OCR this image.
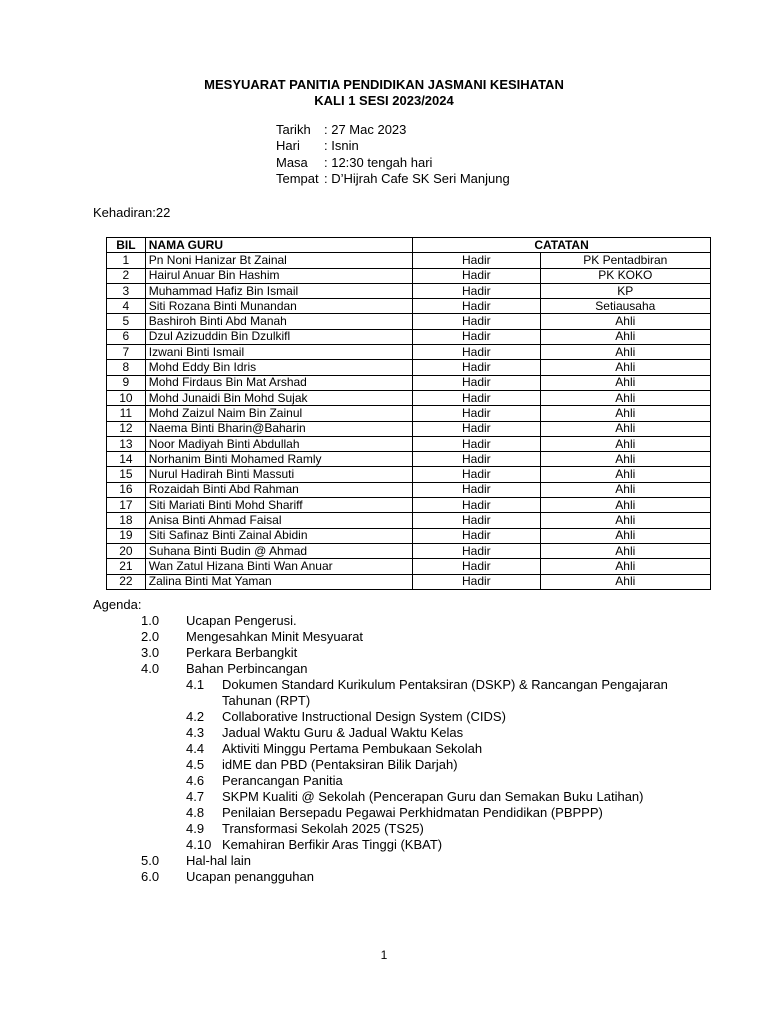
MESYUARAT PANITIA PENDIDIKAN JASMANI KESIHATAN
KALI 1 SESI 2023/2024
Tarikh	: 27 Mac 2023
Hari	: Isnin
Masa	: 12:30 tengah hari
Tempat : D’Hijrah Cafe SK Seri Manjung
Kehadiran:22
BIL	NAMA GURU	CATATAN	
1	Pn Noni Hanizar Bt Zainal	Hadir	PK Pentadbiran
2	Hairul Anuar Bin Hashim	Hadir	PK KOKO
3	Muhammad Hafiz Bin Ismail	Hadir	KP
4	Siti Rozana Binti Munandan	Hadir	Setiausaha
5	Bashiroh Binti Abd Manah	Hadir	Ahli
6	Dzul Azizuddin Bin Dzulkifl	Hadir	Ahli
7	Izwani Binti Ismail	Hadir	Ahli
8	Mohd Eddy Bin Idris	Hadir	Ahli
9	Mohd Firdaus Bin Mat Arshad	Hadir	Ahli
10	Mohd Junaidi Bin Mohd Sujak	Hadir	Ahli
11	Mohd Zaizul Naim Bin Zainul	Hadir	Ahli
12	Naema Binti Bharin@Baharin	Hadir	Ahli
13	Noor Madiyah Binti Abdullah	Hadir	Ahli
14	Norhanim Binti Mohamed Ramly	Hadir	Ahli
15	Nurul Hadirah Binti Massuti	Hadir	Ahli
16	Rozaidah Binti Abd Rahman	Hadir	Ahli
17	Siti Mariati Binti Mohd Shariff	Hadir	Ahli
18	Anisa Binti Ahmad Faisal	Hadir	Ahli
19	Siti Safinaz Binti Zainal Abidin	Hadir	Ahli
20	Suhana Binti Budin @ Ahmad	Hadir	Ahli
21	Wan Zatul Hizana Binti Wan Anuar	Hadir	Ahli
22	Zalina Binti Mat Yaman	Hadir	Ahli
Agenda:
1.0 Ucapan Pengerusi.
2.0 Mengesahkan Minit Mesyuarat
3.0 Perkara Berbangkit
4.0 Bahan Perbincangan
4.1 Dokumen Standard Kurikulum Pentaksiran (DSKP) & Rancangan Pengajaran
Tahunan (RPT)
4.2 Collaborative Instructional Design System (CIDS)
4.3 Jadual Waktu Guru & Jadual Waktu Kelas
4.4 Aktiviti Minggu Pertama Pembukaan Sekolah
4.5 idME dan PBD (Pentaksiran Bilik Darjah)
4.6 Perancangan Panitia
4.7 SKPM Kualiti @ Sekolah (Pencerapan Guru dan Semakan Buku Latihan)
4.8 Penilaian Bersepadu Pegawai Perkhidmatan Pendidikan (PBPPP)
4.9 Transformasi Sekolah 2025 (TS25)
4.10 Kemahiran Berfikir Aras Tinggi (KBAT)
5.0 Hal-hal lain
6.0 Ucapan penangguhan
1
